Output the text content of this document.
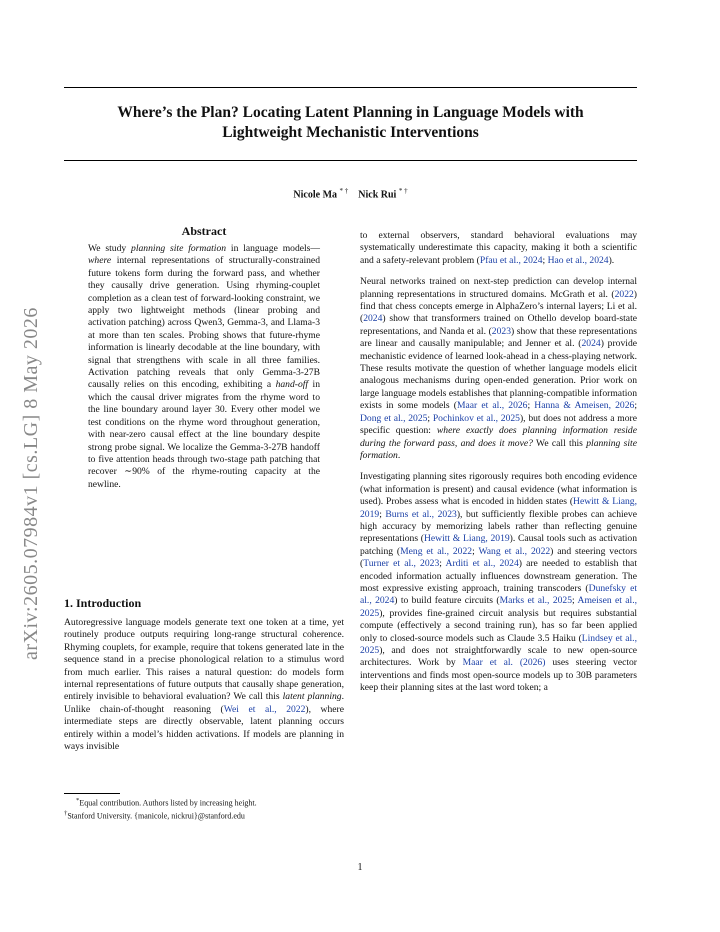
Where’s the Plan? Locating Latent Planning in Language Models with
Lightweight Mechanistic Interventions
Nicole Ma * † Nick Rui * †
arXiv:2605.07984v1 [cs.LG] 8 May 2026
Abstract
We study planning site formation in language models—where internal representations of structurally-constrained future tokens form during the forward pass, and whether they causally drive generation. Using rhyming-couplet completion as a clean test of forward-looking constraint, we apply two lightweight methods (linear probing and activation patching) across Qwen3, Gemma-3, and Llama-3 at more than ten scales. Probing shows that future-rhyme information is linearly decodable at the line boundary, with signal that strengthens with scale in all three families. Activation patching reveals that only Gemma-3-27B causally relies on this encoding, exhibiting a hand-off in which the causal driver migrates from the rhyme word to the line boundary around layer 30. Every other model we test conditions on the rhyme word throughout generation, with near-zero causal effect at the line boundary despite strong probe signal. We localize the Gemma-3-27B handoff to five attention heads through two-stage path patching that recover ∼90% of the rhyme-routing capacity at the newline.
1. Introduction
Autoregressive language models generate text one token at a time, yet routinely produce outputs requiring long-range structural coherence. Rhyming couplets, for example, require that tokens generated late in the sequence stand in a precise phonological relation to a stimulus word from much earlier. This raises a natural question: do models form internal representations of future outputs that causally shape generation, entirely invisible to behavioral evaluation? We call this latent planning. Unlike chain-of-thought reasoning (Wei et al., 2022), where intermediate steps are directly observable, latent planning occurs entirely within a model’s hidden activations. If models are planning in ways invisible
*Equal contribution. Authors listed by increasing height.
†Stanford University. {manicole, nickrui}@stanford.edu

to external observers, standard behavioral evaluations may systematically underestimate this capacity, making it both a scientific and a safety-relevant problem (Pfau et al., 2024; Hao et al., 2024).

Neural networks trained on next-step prediction can develop internal planning representations in structured domains. McGrath et al. (2022) find that chess concepts emerge in AlphaZero’s internal layers; Li et al. (2024) show that transformers trained on Othello develop board-state representations, and Nanda et al. (2023) show that these representations are linear and causally manipulable; and Jenner et al. (2024) provide mechanistic evidence of learned look-ahead in a chess-playing network. These results motivate the question of whether language models elicit analogous mechanisms during open-ended generation. Prior work on large language models establishes that planning-compatible information exists in some models (Maar et al., 2026; Hanna & Ameisen, 2026; Dong et al., 2025; Pochinkov et al., 2025), but does not address a more specific question: where exactly does planning information reside during the forward pass, and does it move? We call this planning site formation.

Investigating planning sites rigorously requires both encoding evidence (what information is present) and causal evidence (what information is used). Probes assess what is encoded in hidden states (Hewitt & Liang, 2019; Burns et al., 2023), but sufficiently flexible probes can achieve high accuracy by memorizing labels rather than reflecting genuine representations (Hewitt & Liang, 2019). Causal tools such as activation patching (Meng et al., 2022; Wang et al., 2022) and steering vectors (Turner et al., 2023; Arditi et al., 2024) are needed to establish that encoded information actually influences downstream generation. The most expressive existing approach, training transcoders (Dunefsky et al., 2024) to build feature circuits (Marks et al., 2025; Ameisen et al., 2025), provides fine-grained circuit analysis but requires substantial compute (effectively a second training run), has so far been applied only to closed-source models such as Claude 3.5 Haiku (Lindsey et al., 2025), and does not straightforwardly scale to new open-source architectures. Work by Maar et al. (2026) uses steering vector interventions and finds most open-source models up to 30B parameters keep their planning sites at the last word token; a

1
